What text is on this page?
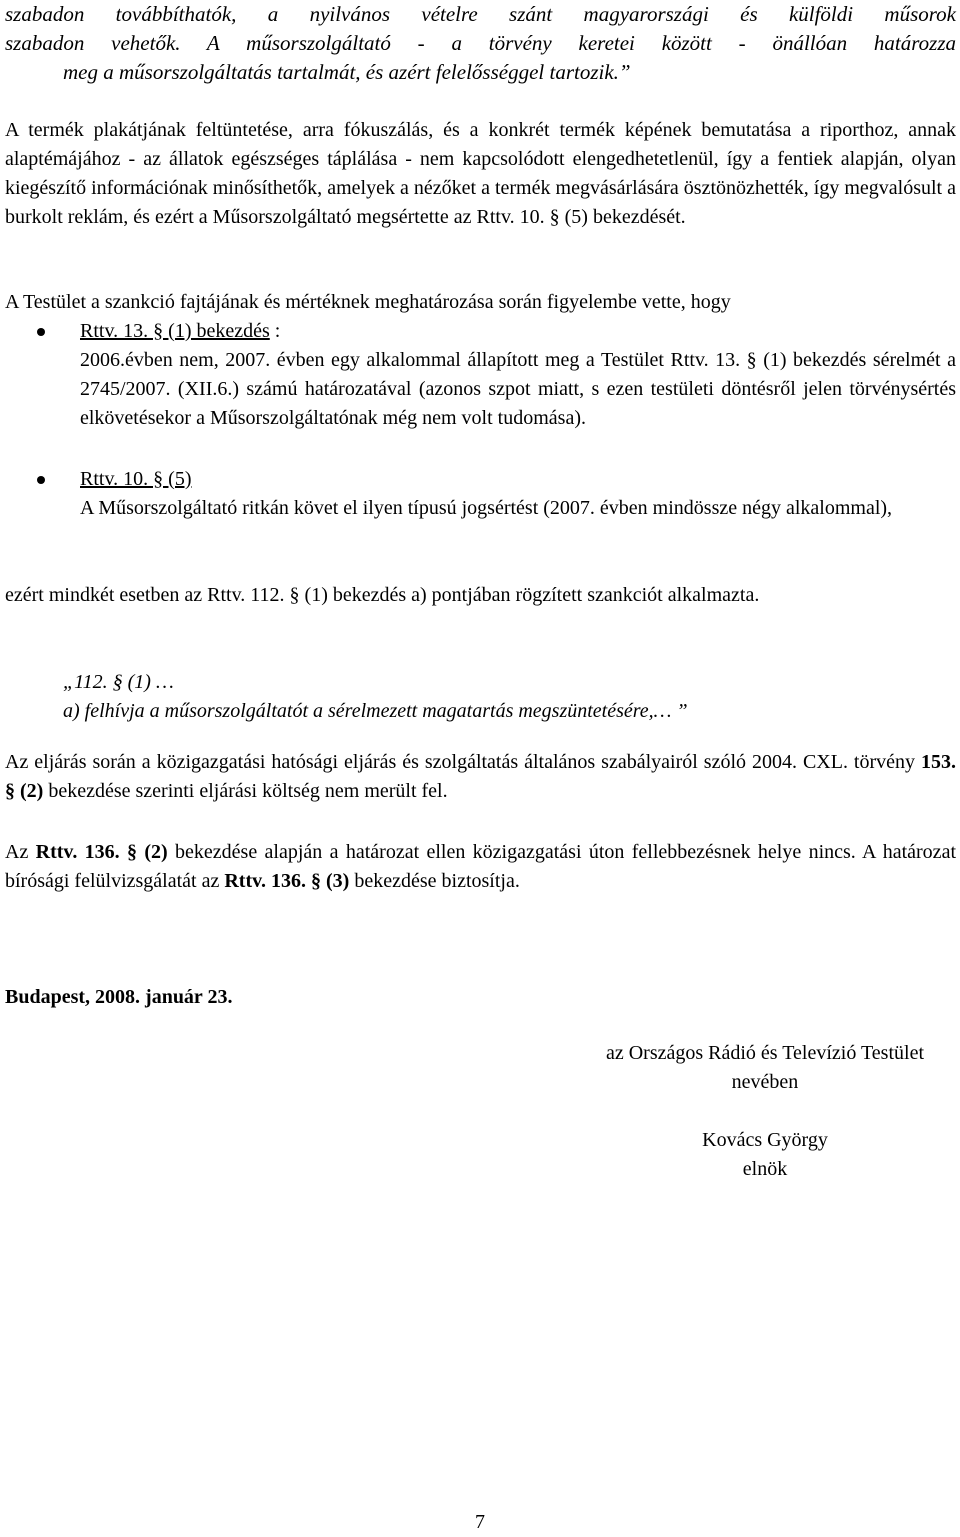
szabadon továbbíthatók, a nyilvános vételre szánt magyarországi és külföldi műsorok
szabadon vehetők. A műsorszolgáltató - a törvény keretei között - önállóan határozza
meg a műsorszolgáltatás tartalmát, és azért felelősséggel tartozik.”

A termék plakátjának feltüntetése, arra fókuszálás, és a konkrét termék képének bemutatása a riporthoz, annak alaptémájához - az állatok egészséges táplálása - nem kapcsolódott elengedhetetlenül, így a fentiek alapján, olyan kiegészítő információnak minősíthetők, amelyek a nézőket a termék megvásárlására ösztönözhették, így megvalósult a burkolt reklám, és ezért a Műsorszolgáltató megsértette az Rttv. 10. § (5) bekezdését.

A Testület a szankció fajtájának és mértéknek meghatározása során figyelembe vette, hogy

Rttv. 13. § (1) bekezdés :
2006.évben nem, 2007. évben egy alkalommal állapított meg a Testület Rttv. 13. § (1) bekezdés sérelmét a 2745/2007. (XII.6.) számú határozatával (azonos szpot miatt, s ezen testületi döntésről jelen törvénysértés elkövetésekor a Műsorszolgáltatónak még nem volt tudomása).
Rttv. 10. § (5)
A Műsorszolgáltató ritkán követ el ilyen típusú jogsértést (2007. évben mindössze négy alkalommal),

ezért mindkét esetben az Rttv. 112. § (1) bekezdés a) pontjában rögzített szankciót alkalmazta.

„112. § (1) …
a) felhívja a műsorszolgáltatót a sérelmezett magatartás megszüntetésére,… ”

Az eljárás során a közigazgatási hatósági eljárás és szolgáltatás általános szabályairól szóló 2004. CXL. törvény 153. § (2) bekezdése szerinti eljárási költség nem merült fel.

Az Rttv. 136. § (2) bekezdése alapján a határozat ellen közigazgatási úton fellebbezésnek helye nincs. A határozat bírósági felülvizsgálatát az Rttv. 136. § (3) bekezdése biztosítja.

Budapest, 2008. január 23.

az Országos Rádió és Televízió Testület
nevében
Kovács György
elnök
7
